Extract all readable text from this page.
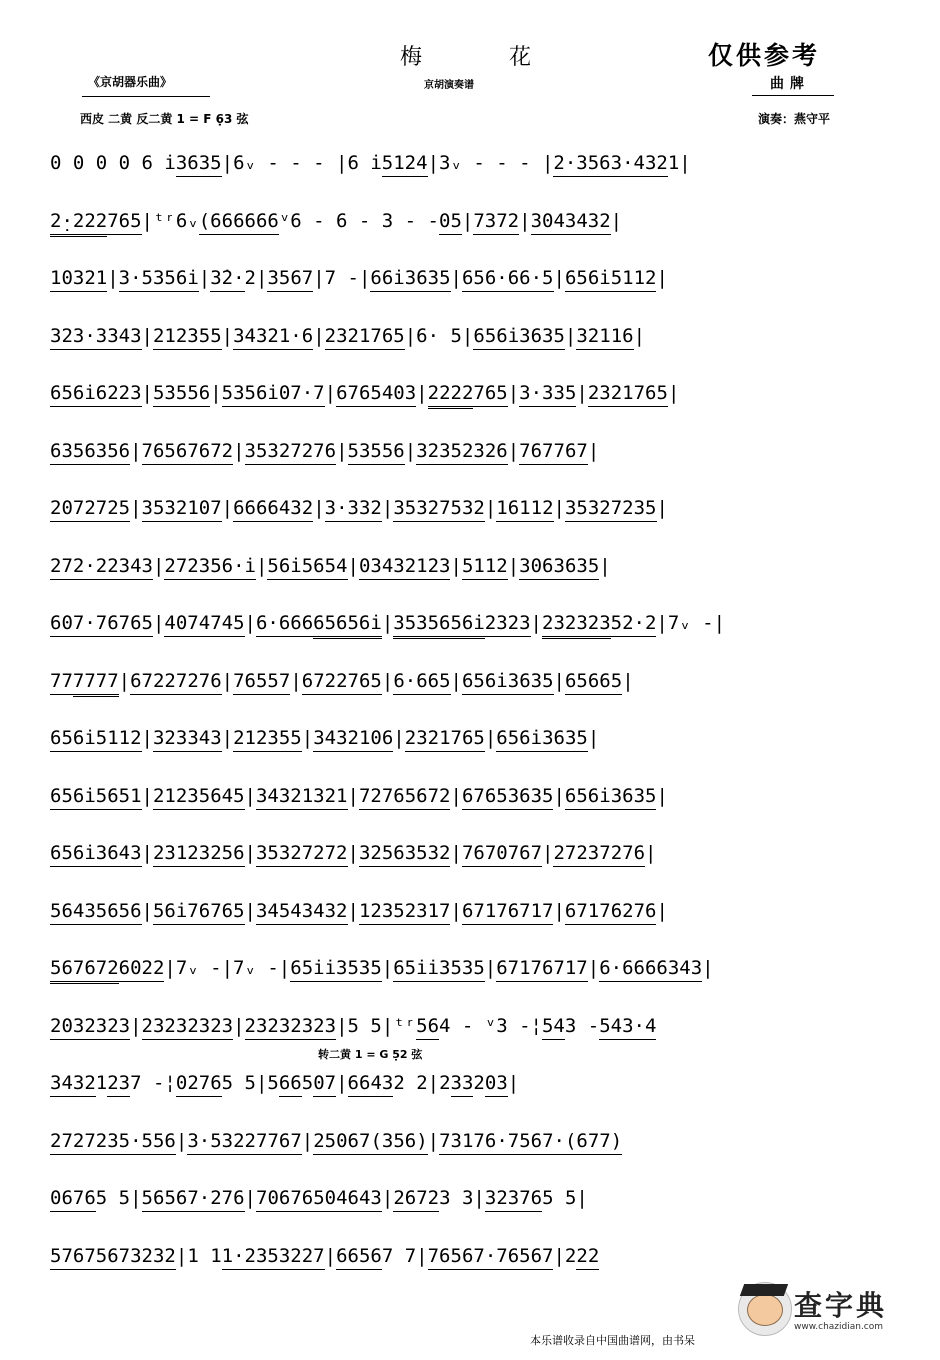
梅 花
京胡演奏谱
仅供参考
曲牌
《京胡器乐曲》
西皮 二黄 反二黄 1 = F 6̣3 弦	演奏：燕守平
0 0 0 0 6 i̇3635|6ᵥ - - - |6 i̇5124|3ᵥ - - - |2·3563·4321|
2̣·222765|ᵗʳ6ᵥ(666666ᵛ6 - 6 - 3 - -05|7372|3043432|
10321|3·5356i̇|3̇2·2|3567|7 -|66i̇3635|656·66·5|656i̇5112|
323·3343|212355|34321·6|2321765|6· 5|656i̇3635|32116|
656i̇6223|53556|5356i̇07·7|6765403|2222765|3·335|2321765|
6356356|76567672|35327276|53556|32352326|767767|
2072725|3532107|6666432|3·332|35327532|16112|35327235|
272·22343|272356·i̇|56i̇5654|03432123|5112|3063635|
607·76765|4074745|6·66665656i̇|3535656i̇2323|23232352·2|7ᵥ -|
777777|67227276|76557|6722765|6·665|656i̇3635|65665|
656i̇5112|323343|212355|3432106|2321765|656i̇3635|
656i̇5651|21235645|34321321|72765672|67653635|656i̇3635|
656i̇3643|23123256|35327272|32563532|7670767|27237276|
56435656|56i̇76765|34543432|12352317|67176717|67176276|
5676726022|7ᵥ -|7ᵥ -|65i̇i̇3535|65i̇i̇3535|67176717|6·6666343|
2032323|23232323|23232323|5 5|ᵗʳ564 - ᵛ3 -¦543 -543·4
34321237 -¦02765 5|566507|66432 2|233203|
2727235·556|3·53227767|25067(356)|73176·7567·(677)
06765 5|56567·276|70676504643|26723 3|323765 5|
57675673232|1 11·2353227|66567 7|76567·76567|222
转二黄 1 = G 5̣2 弦
查字典
www.chazidian.com
本乐谱收录自中国曲谱网，由书呆
